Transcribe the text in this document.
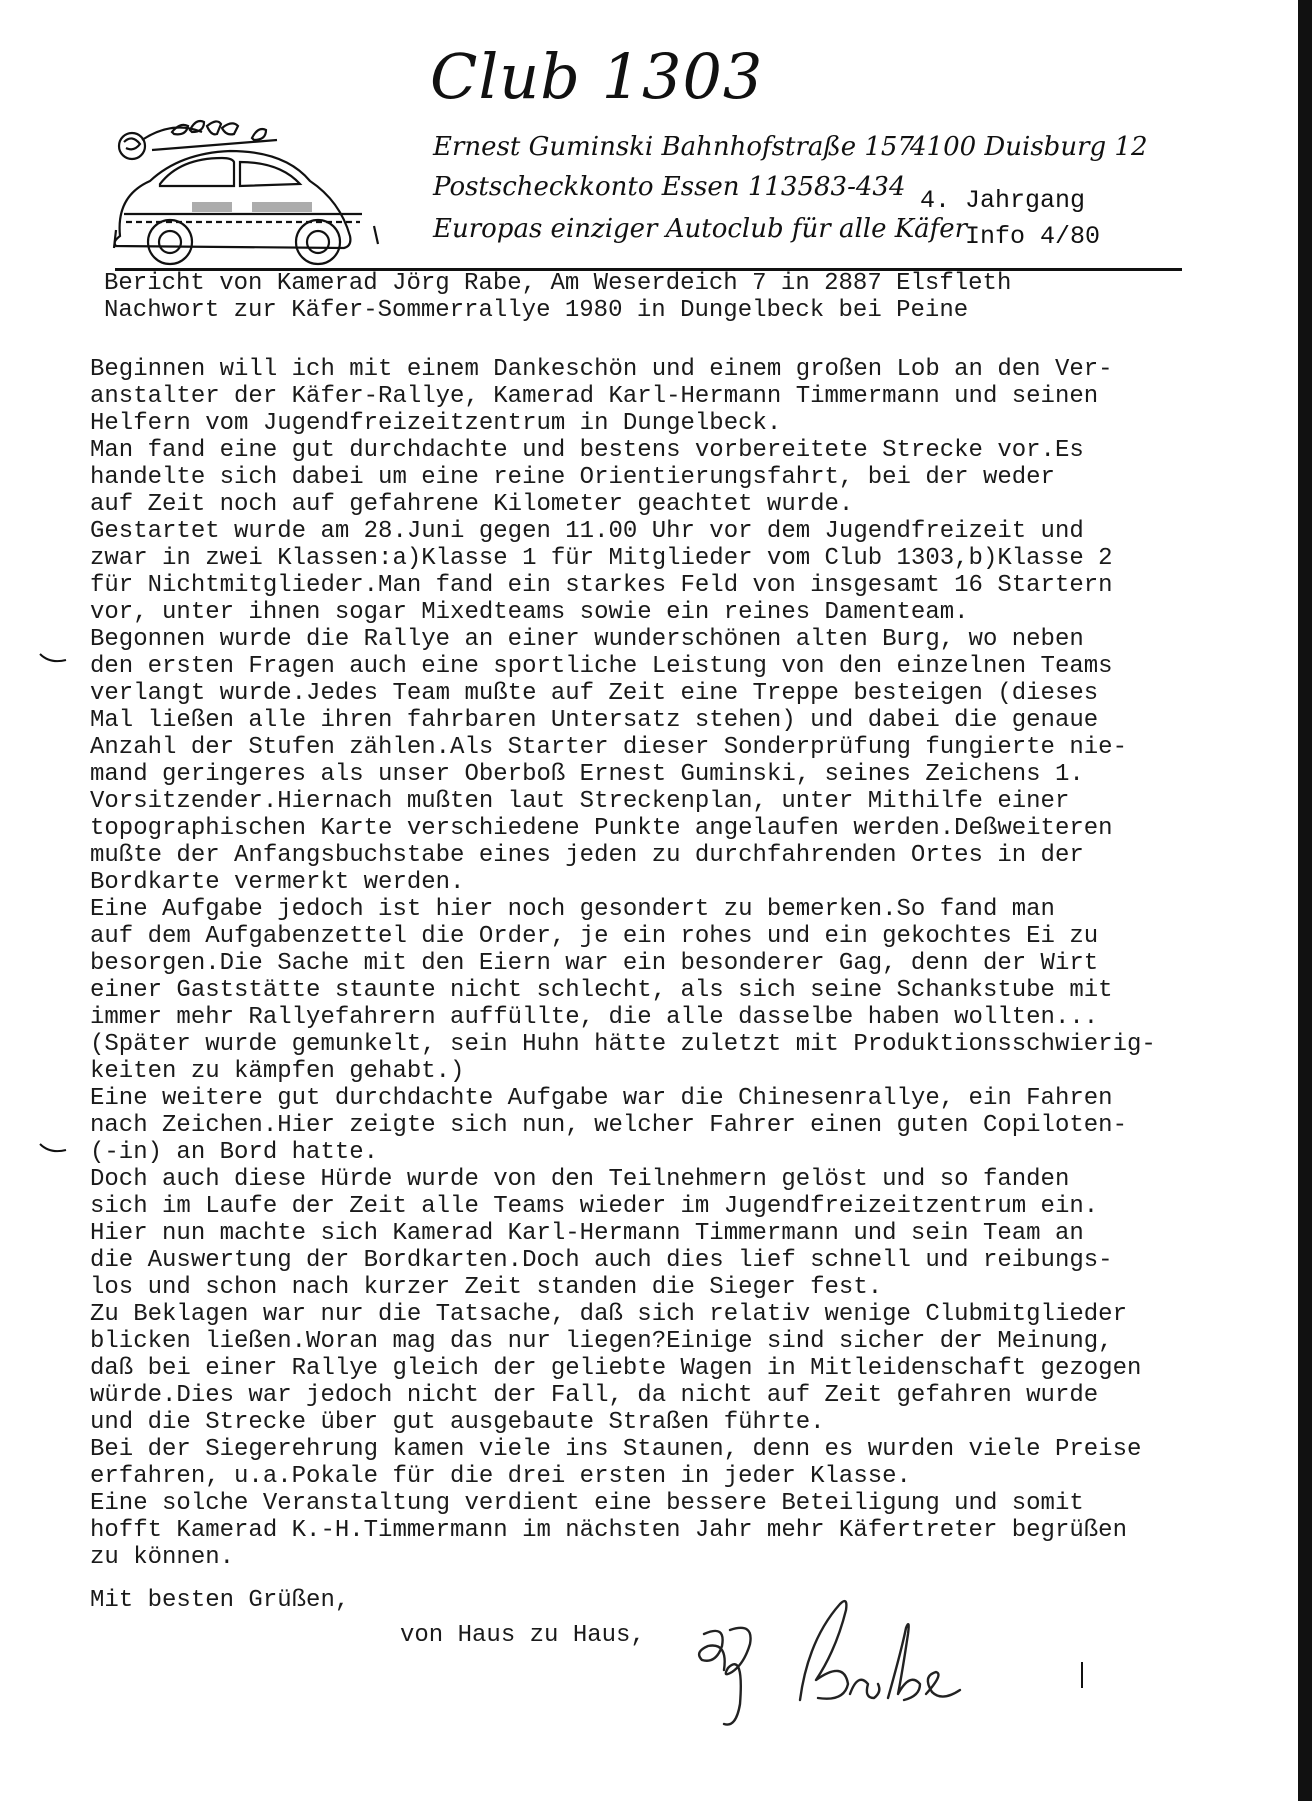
Club 1303
Ernest Guminski Bahnhofstraße 157
4100 Duisburg 12
Postscheckkonto Essen 113583-434 4. Jahrgang
Europas einziger Autoclub für alle Käfer
Info 4/80
Bericht von Kamerad Jörg Rabe, Am Weserdeich 7 in 2887 Elsfleth
Nachwort zur Käfer-Sommerrallye 1980 in Dungelbeck bei Peine
Beginnen will ich mit einem Dankeschön und einem großen Lob an den Ver-
anstalter der Käfer-Rallye, Kamerad Karl-Hermann Timmermann und seinen
Helfern vom Jugendfreizeitzentrum in Dungelbeck.
Man fand eine gut durchdachte und bestens vorbereitete Strecke vor.Es
handelte sich dabei um eine reine Orientierungsfahrt, bei der weder
auf Zeit noch auf gefahrene Kilometer geachtet wurde.
Gestartet wurde am 28.Juni gegen 11.00 Uhr vor dem Jugendfreizeit und
zwar in zwei Klassen:a)Klasse 1 für Mitglieder vom Club 1303,b)Klasse 2
für Nichtmitglieder.Man fand ein starkes Feld von insgesamt 16 Startern
vor, unter ihnen sogar Mixedteams sowie ein reines Damenteam.
Begonnen wurde die Rallye an einer wunderschönen alten Burg, wo neben
den ersten Fragen auch eine sportliche Leistung von den einzelnen Teams
verlangt wurde.Jedes Team mußte auf Zeit eine Treppe besteigen (dieses
Mal ließen alle ihren fahrbaren Untersatz stehen) und dabei die genaue
Anzahl der Stufen zählen.Als Starter dieser Sonderprüfung fungierte nie-
mand geringeres als unser Oberboß Ernest Guminski, seines Zeichens 1.
Vorsitzender.Hiernach mußten laut Streckenplan, unter Mithilfe einer
topographischen Karte verschiedene Punkte angelaufen werden.Deßweiteren
mußte der Anfangsbuchstabe eines jeden zu durchfahrenden Ortes in der
Bordkarte vermerkt werden.
Eine Aufgabe jedoch ist hier noch gesondert zu bemerken.So fand man
auf dem Aufgabenzettel die Order, je ein rohes und ein gekochtes Ei zu
besorgen.Die Sache mit den Eiern war ein besonderer Gag, denn der Wirt
einer Gaststätte staunte nicht schlecht, als sich seine Schankstube mit
immer mehr Rallyefahrern auffüllte, die alle dasselbe haben wollten...
(Später wurde gemunkelt, sein Huhn hätte zuletzt mit Produktionsschwierig-
keiten zu kämpfen gehabt.)
Eine weitere gut durchdachte Aufgabe war die Chinesenrallye, ein Fahren
nach Zeichen.Hier zeigte sich nun, welcher Fahrer einen guten Copiloten-
(-in) an Bord hatte.
Doch auch diese Hürde wurde von den Teilnehmern gelöst und so fanden
sich im Laufe der Zeit alle Teams wieder im Jugendfreizeitzentrum ein.
Hier nun machte sich Kamerad Karl-Hermann Timmermann und sein Team an
die Auswertung der Bordkarten.Doch auch dies lief schnell und reibungs-
los und schon nach kurzer Zeit standen die Sieger fest.
Zu Beklagen war nur die Tatsache, daß sich relativ wenige Clubmitglieder
blicken ließen.Woran mag das nur liegen?Einige sind sicher der Meinung,
daß bei einer Rallye gleich der geliebte Wagen in Mitleidenschaft gezogen
würde.Dies war jedoch nicht der Fall, da nicht auf Zeit gefahren wurde
und die Strecke über gut ausgebaute Straßen führte.
Bei der Siegerehrung kamen viele ins Staunen, denn es wurden viele Preise
erfahren, u.a.Pokale für die drei ersten in jeder Klasse.
Eine solche Veranstaltung verdient eine bessere Beteiligung und somit
hofft Kamerad K.-H.Timmermann im nächsten Jahr mehr Käfertreter begrüßen
zu können.
Mit besten Grüßen,
von Haus zu Haus,
